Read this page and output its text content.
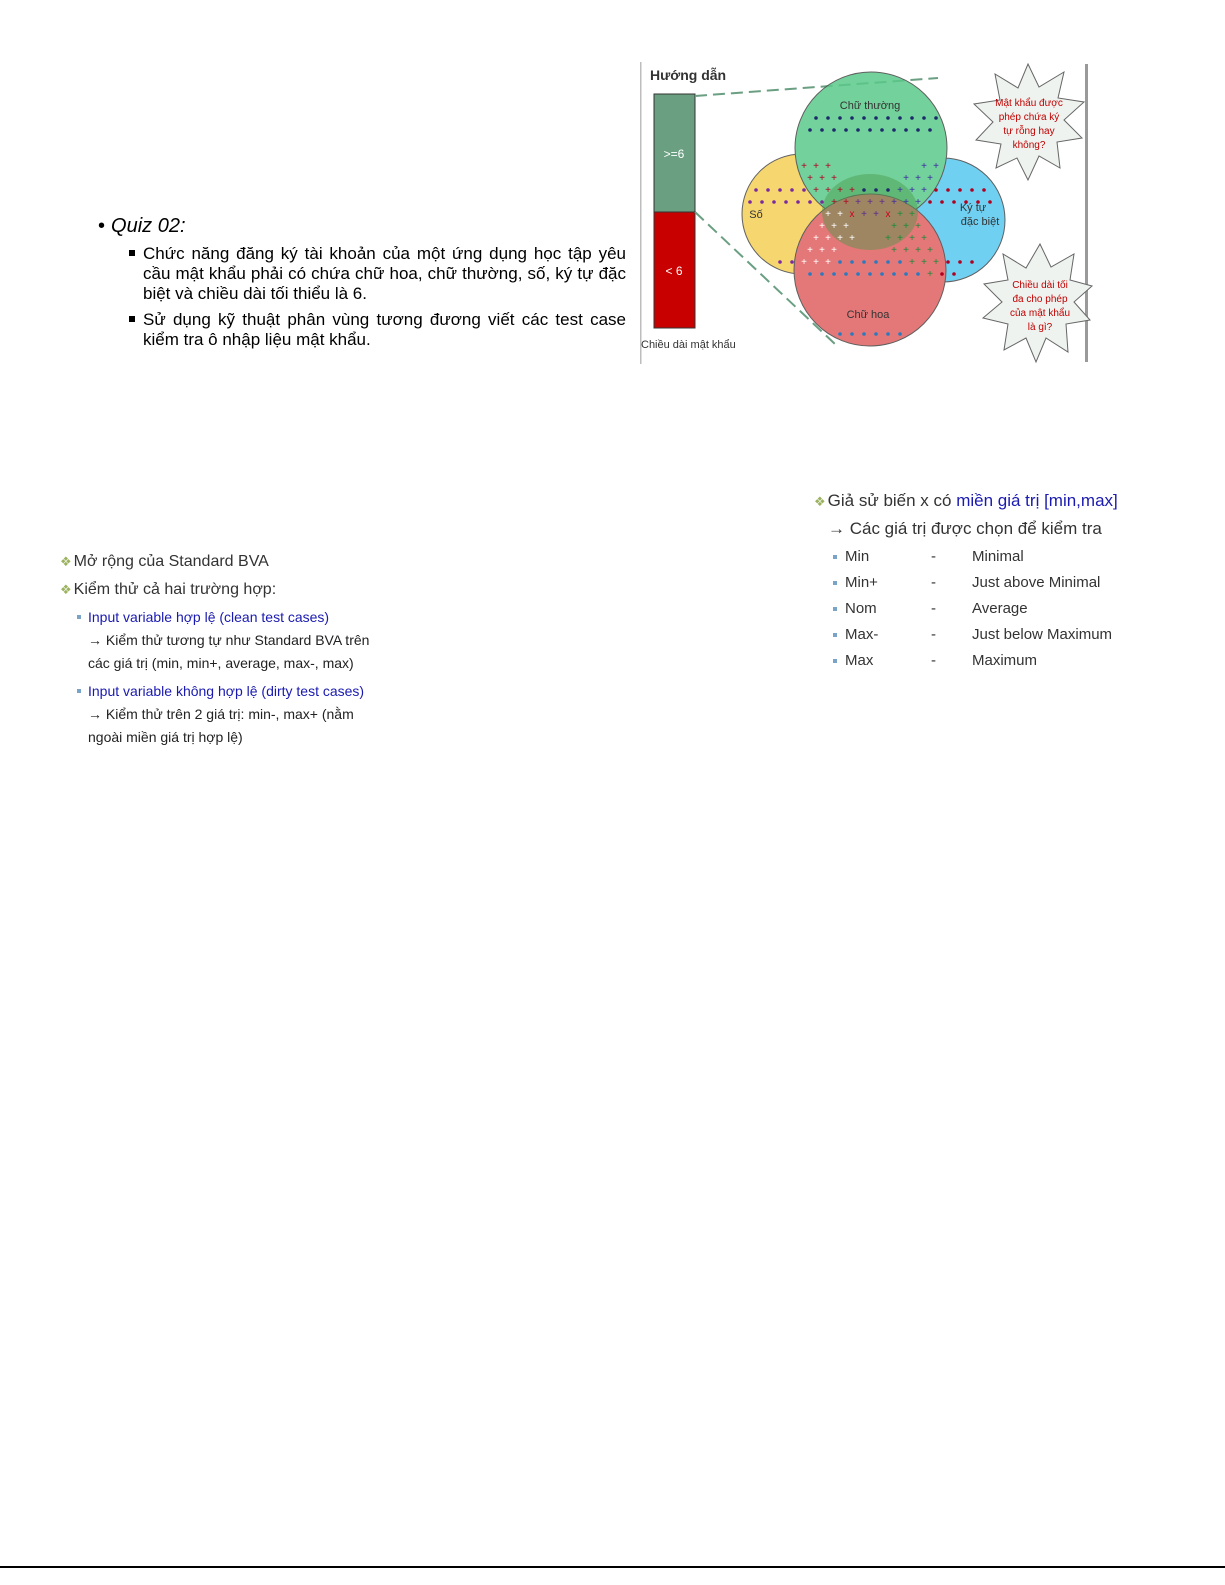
• Quiz 02:
Chức năng đăng ký tài khoản của một ứng dụng học tập yêu cầu mật khẩu phải có chứa chữ hoa, chữ thường, số, ký tự đặc biệt và chiều dài tối thiểu là 6.
Sử dụng kỹ thuật phân vùng tương đương viết các test case kiểm tra ô nhập liệu mật khẩu.
Hướng dẫn
>=6
< 6
Chiều dài mật khẩu
+ + +	+ +
+ + +	+ + +
+ + + +	+ + +
+ + + + + + + +
+ + x + + x + +
+ + +	+ + +
+ + + +	+ + + +
+ + +	+ + + +
+ + +	+ + +
+
Chữ thường
Số
Ký tự
đặc biệt
Chữ hoa
Mật khẩu được
phép chứa ký
tự rỗng hay
không?
Chiều dài tối
đa cho phép
của mật khẩu
là gì?
❖ Mở rộng của Standard BVA
❖ Kiểm thử cả hai trường hợp:
Input variable hợp lệ (clean test cases)
→ Kiểm thử tương tự như Standard BVA trên
các giá trị (min, min+, average, max-, max)
Input variable không hợp lệ (dirty test cases)
→ Kiểm thử trên 2 giá trị: min-, max+ (nằm
ngoài miền giá trị hợp lệ)
❖ Giả sử biến x có miền giá trị [min,max]
→ Các giá trị được chọn để kiểm tra
Min	- Minimal
Min+	- Just above Minimal
Nom	- Average
Max-	- Just below Maximum
Max	- Maximum
